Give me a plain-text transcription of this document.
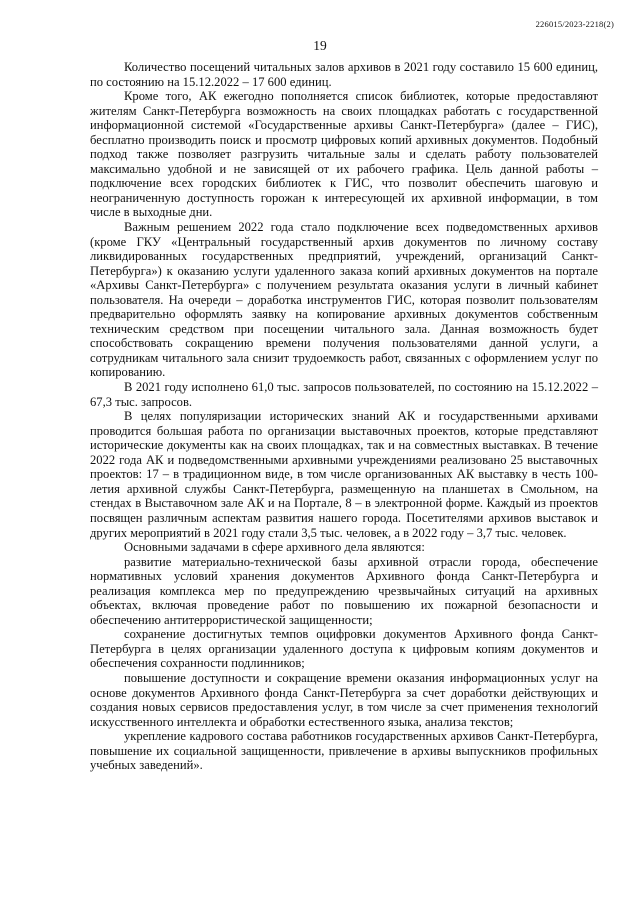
226015/2023-2218(2)
19

Количество посещений читальных залов архивов в 2021 году составило 15 600 единиц, по состоянию на 15.12.2022 – 17 600 единиц.

Кроме того, АК ежегодно пополняется список библиотек, которые предоставляют жителям Санкт-Петербурга возможность на своих площадках работать с государственной информационной системой «Государственные архивы Санкт-Петербурга» (далее – ГИС), бесплатно производить поиск и просмотр цифровых копий архивных документов. Подобный подход также позволяет разгрузить читальные залы и сделать работу пользователей максимально удобной и не зависящей от их рабочего графика. Цель данной работы – подключение всех городских библиотек к ГИС, что позволит обеспечить шаговую и неограниченную доступность горожан к интересующей их архивной информации, в том числе в выходные дни.

Важным решением 2022 года стало подключение всех подведомственных архивов (кроме ГКУ «Центральный государственный архив документов по личному составу ликвидированных государственных предприятий, учреждений, организаций Санкт-Петербурга») к оказанию услуги удаленного заказа копий архивных документов на портале «Архивы Санкт-Петербурга» с получением результата оказания услуги в личный кабинет пользователя. На очереди – доработка инструментов ГИС, которая позволит пользователям предварительно оформлять заявку на копирование архивных документов собственным техническим средством при посещении читального зала. Данная возможность будет способствовать сокращению времени получения пользователями данной услуги, а сотрудникам читального зала снизит трудоемкость работ, связанных с оформлением услуг по копированию.

В 2021 году исполнено 61,0 тыс. запросов пользователей, по состоянию на 15.12.2022 – 67,3 тыс. запросов.

В целях популяризации исторических знаний АК и государственными архивами проводится большая работа по организации выставочных проектов, которые представляют исторические документы как на своих площадках, так и на совместных выставках. В течение 2022 года АК и подведомственными архивными учреждениями реализовано 25 выставочных проектов: 17 – в традиционном виде, в том числе организованных АК выставку в честь 100-летия архивной службы Санкт-Петербурга, размещенную на планшетах в Смольном, на стендах в Выставочном зале АК и на Портале, 8 – в электронной форме. Каждый из проектов посвящен различным аспектам развития нашего города. Посетителями архивов выставок и других мероприятий в 2021 году стали 3,5 тыс. человек, а в 2022 году – 3,7 тыс. человек.

Основными задачами в сфере архивного дела являются:

развитие материально-технической базы архивной отрасли города, обеспечение нормативных условий хранения документов Архивного фонда Санкт-Петербурга и реализация комплекса мер по предупреждению чрезвычайных ситуаций на архивных объектах, включая проведение работ по повышению их пожарной безопасности и обеспечению антитеррористической защищенности;

сохранение достигнутых темпов оцифровки документов Архивного фонда Санкт-Петербурга в целях организации удаленного доступа к цифровым копиям документов и обеспечения сохранности подлинников;

повышение доступности и сокращение времени оказания информационных услуг на основе документов Архивного фонда Санкт-Петербурга за счет доработки действующих и создания новых сервисов предоставления услуг, в том числе за счет применения технологий искусственного интеллекта и обработки естественного языка, анализа текстов;

укрепление кадрового состава работников государственных архивов Санкт-Петербурга, повышение их социальной защищенности, привлечение в архивы выпускников профильных учебных заведений».
